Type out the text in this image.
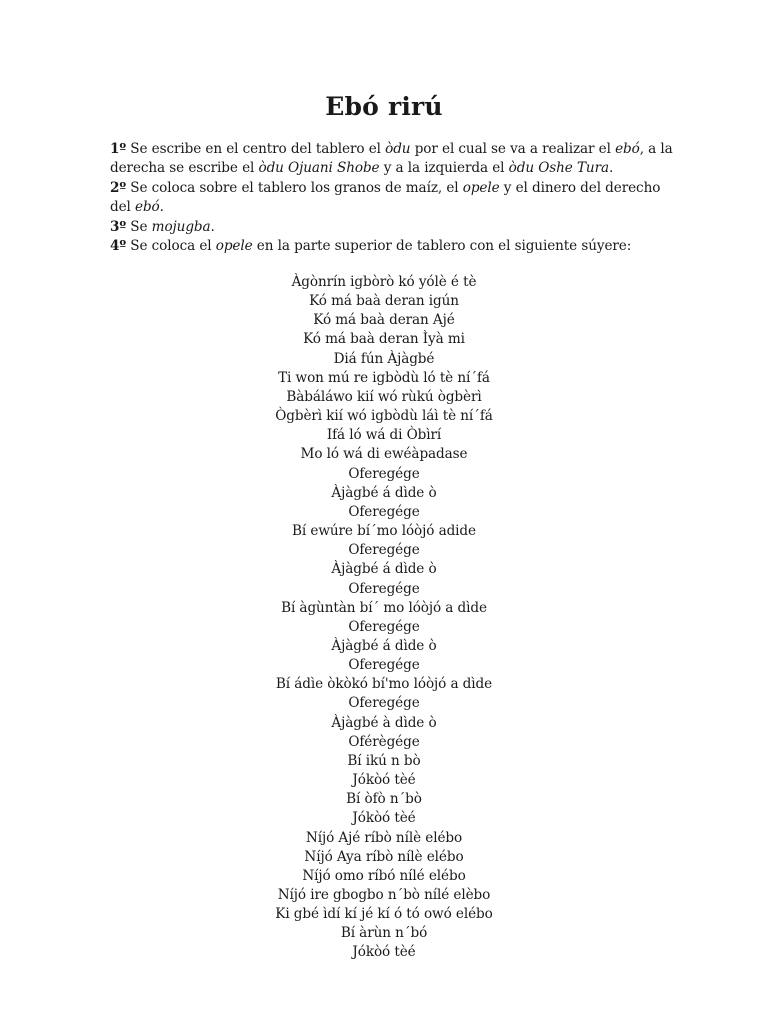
Ebó rirú
1º Se escribe en el centro del tablero el òdu por el cual se va a realizar el ebó, a la
derecha se escribe el òdu Ojuani Shobe y a la izquierda el òdu Oshe Tura.
2º Se coloca sobre el tablero los granos de maíz, el opele y el dinero del derecho
del ebó.
3º Se mojugba.
4º Se coloca el opele en la parte superior de tablero con el siguiente súyere:
Àgònrín igbòrò kó yólè é tè
Kó má baà deran igún
Kó má baà deran Ajé
Kó má baà deran Ìyà mi
Diá fún Àjàgbé
Ti won mú re igbòdù ló tè ní´fá
Bàbáláwo kií wó rùkú ògbèrì
Ògbèrì kií wó igbòdù láì tè ní´fá
Ifá ló wá di Òbìrí
Mo ló wá di ewéàpadase
Oferegége
Àjàgbé á dìde ò
Oferegége
Bí ewúre bí´mo lóòjó adide
Oferegége
Àjàgbé á dìde ò
Oferegége
Bí àgùntàn bí´ mo lóòjó a dìde
Oferegége
Àjàgbé á dìde ò
Oferegége
Bí ádìe òkòkó bí'mo lóòjó a dìde
Oferegége
Àjàgbé à dìde ò
Oférègége
Bí ikú n bò
Jókòó tèé
Bí òfò n´bò
Jókòó tèé
Níjó Ajé ríbò nílè elébo
Níjó Aya ríbò nílè elébo
Níjó omo ríbó nílé elébo
Níjó ire gbogbo n´bò nílé elèbo
Ki gbé ìdí kí jé kí ó tó owó elébo
Bí àrùn n´bó
Jókòó tèé
